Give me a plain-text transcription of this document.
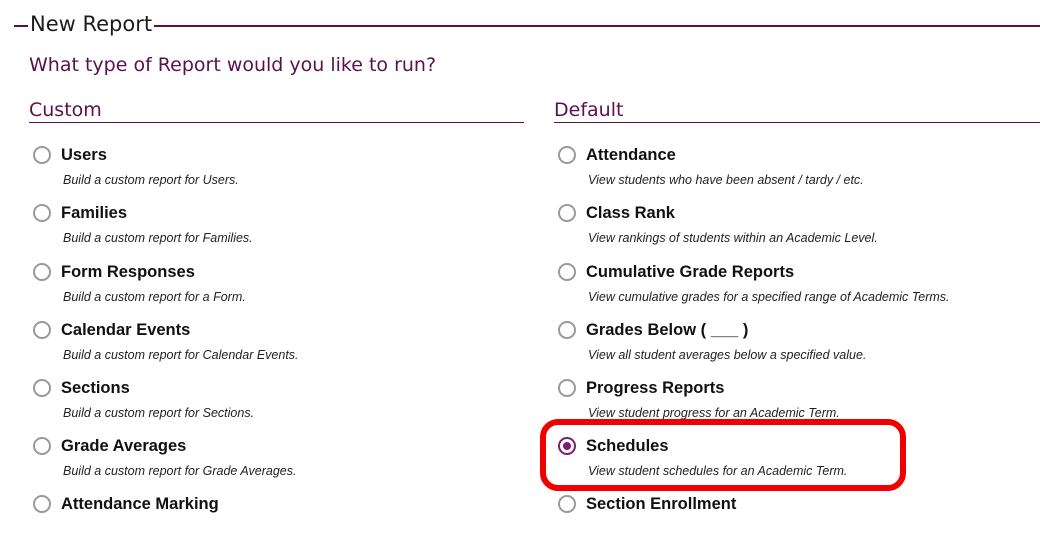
New Report
What type of Report would you like to run?
Custom
Users
Build a custom report for Users.
Families
Build a custom report for Families.
Form Responses
Build a custom report for a Form.
Calendar Events
Build a custom report for Calendar Events.
Sections
Build a custom report for Sections.
Grade Averages
Build a custom report for Grade Averages.
Attendance Marking
Default
Attendance
View students who have been absent / tardy / etc.
Class Rank
View rankings of students within an Academic Level.
Cumulative Grade Reports
View cumulative grades for a specified range of Academic Terms.
Grades Below ( ___ )
View all student averages below a specified value.
Progress Reports
View student progress for an Academic Term.
Schedules
View student schedules for an Academic Term.
Section Enrollment
